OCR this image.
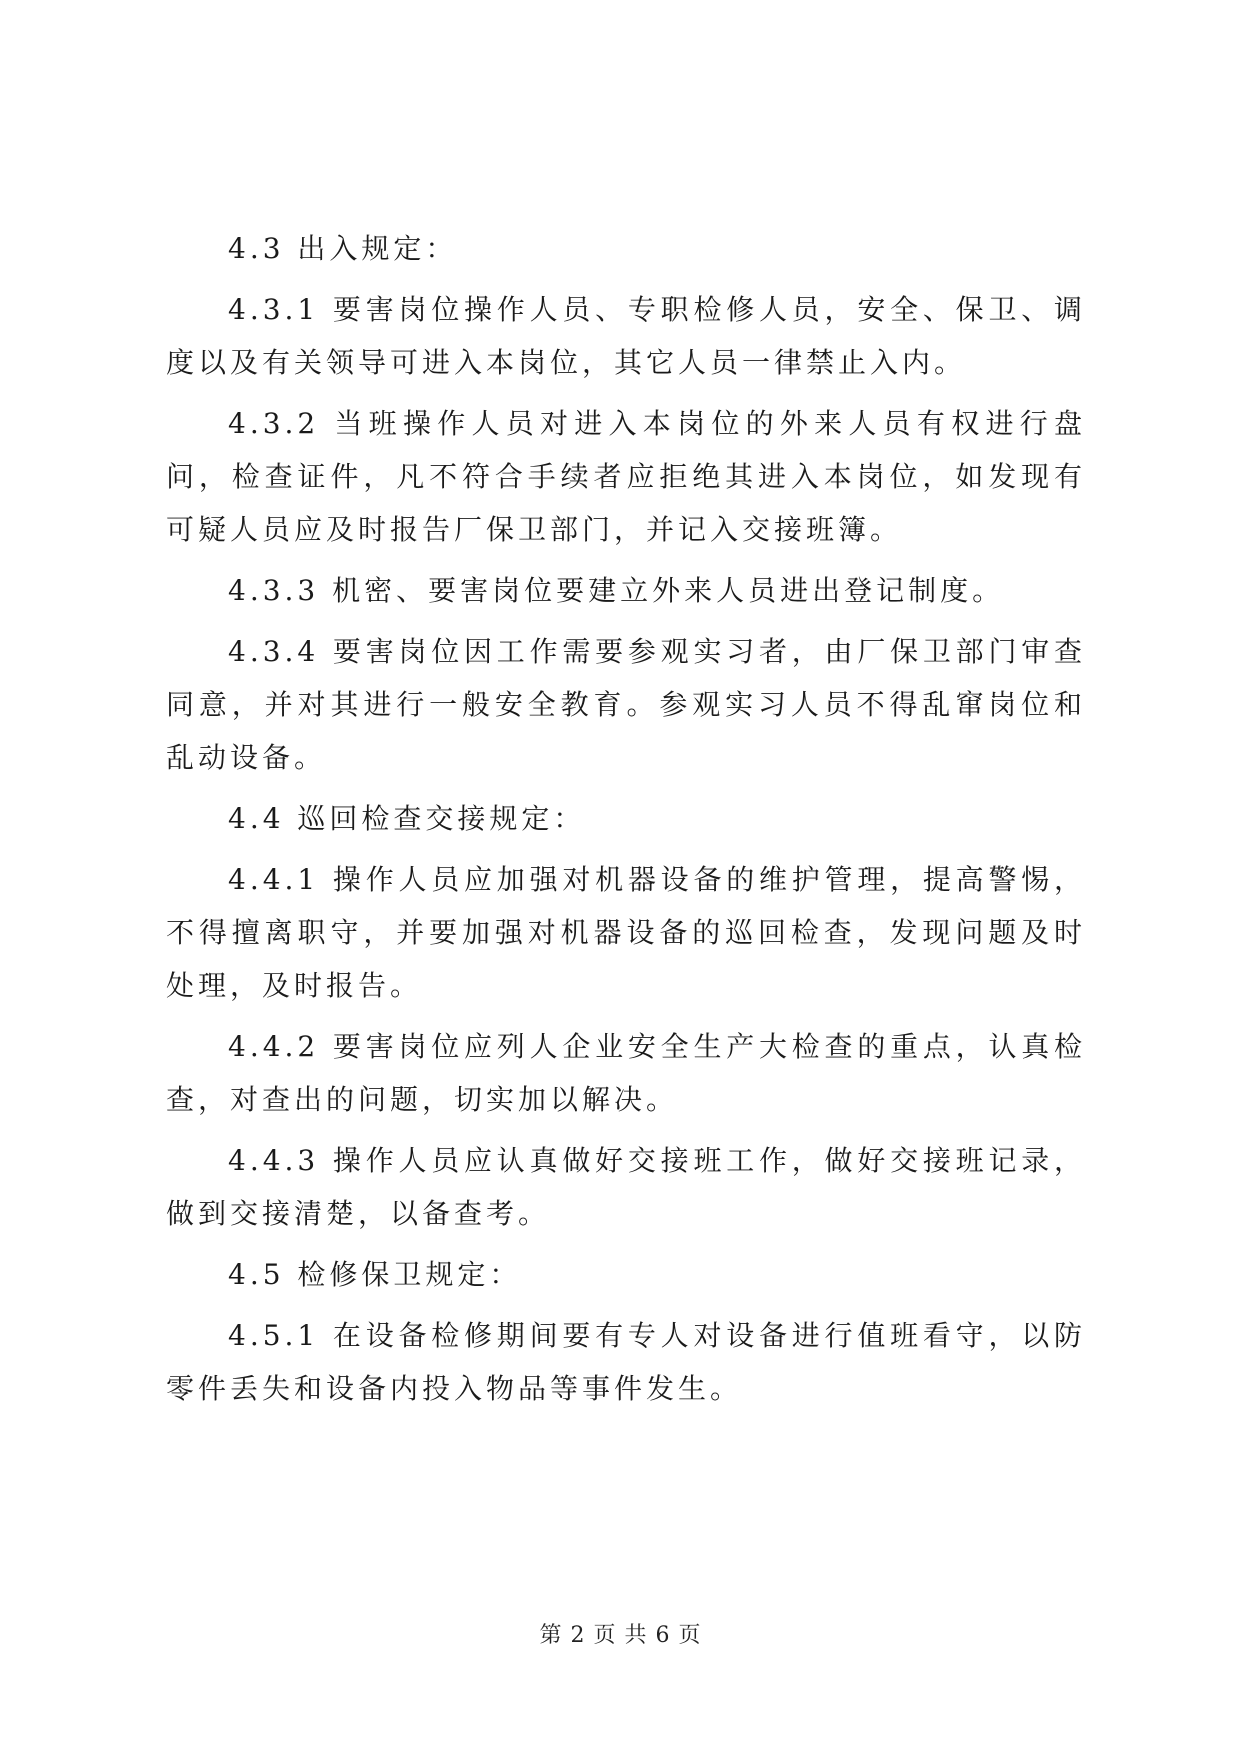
4.3 出入规定：

4.3.1 要害岗位操作人员、专职检修人员，安全、保卫、调度以及有关领导可进入本岗位，其它人员一律禁止入内。

4.3.2 当班操作人员对进入本岗位的外来人员有权进行盘问，检查证件，凡不符合手续者应拒绝其进入本岗位，如发现有可疑人员应及时报告厂保卫部门，并记入交接班簿。

4.3.3 机密、要害岗位要建立外来人员进出登记制度。

4.3.4 要害岗位因工作需要参观实习者，由厂保卫部门审查同意，并对其进行一般安全教育。参观实习人员不得乱窜岗位和乱动设备。

4.4 巡回检查交接规定：

4.4.1 操作人员应加强对机器设备的维护管理，提高警惕，不得擅离职守，并要加强对机器设备的巡回检查，发现问题及时处理，及时报告。

4.4.2 要害岗位应列人企业安全生产大检查的重点，认真检查，对查出的问题，切实加以解决。

4.4.3 操作人员应认真做好交接班工作，做好交接班记录，做到交接清楚，以备查考。

4.5 检修保卫规定：

4.5.1 在设备检修期间要有专人对设备进行值班看守，以防零件丢失和设备内投入物品等事件发生。

第 2 页 共 6 页
